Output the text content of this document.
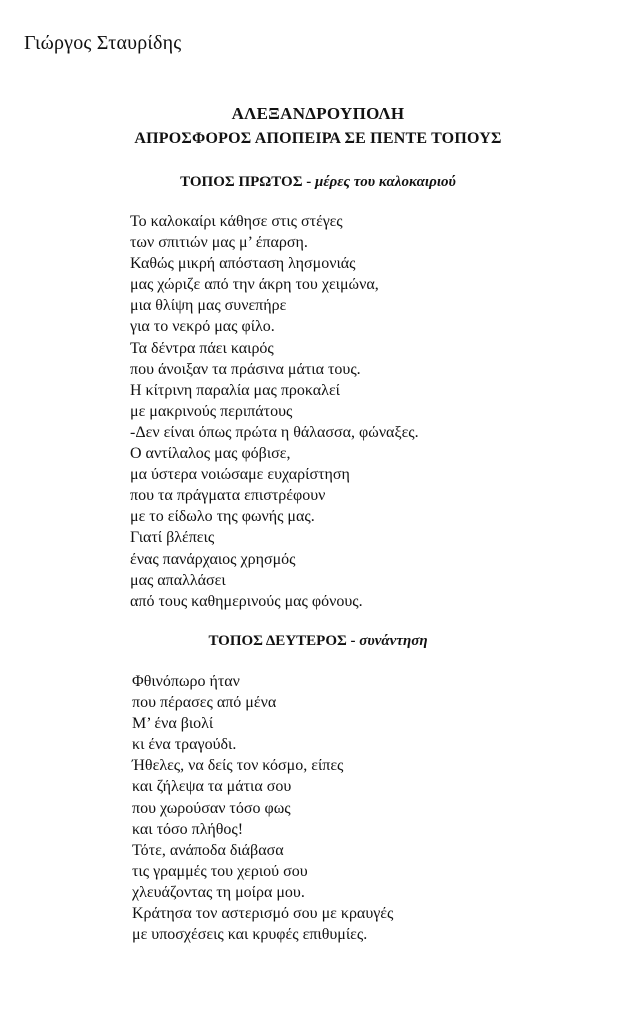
Γιώργος Σταυρίδης
ΑΛΕΞΑΝΔΡΟΥΠΟΛΗ
ΑΠΡΟΣΦΟΡΟΣ ΑΠΟΠΕΙΡΑ ΣΕ ΠΕΝΤΕ ΤΟΠΟΥΣ
ΤΟΠΟΣ ΠΡΩΤΟΣ - μέρες του καλοκαιριού
Το καλοκαίρι κάθησε στις στέγες
των σπιτιών μας μ’ έπαρση.
Καθώς μικρή απόσταση λησμονιάς
μας χώριζε από την άκρη του χειμώνα,
μια θλίψη μας συνεπήρε
για το νεκρό μας φίλο.
Τα δέντρα πάει καιρός
που άνοιξαν τα πράσινα μάτια τους.
Η κίτρινη παραλία μας προκαλεί
με μακρινούς περιπάτους
-Δεν είναι όπως πρώτα η θάλασσα, φώναξες.
Ο αντίλαλος μας φόβισε,
μα ύστερα νοιώσαμε ευχαρίστηση
που τα πράγματα επιστρέφουν
με το είδωλο της φωνής μας.
Γιατί βλέπεις
ένας πανάρχαιος χρησμός
μας απαλλάσει
από τους καθημερινούς μας φόνους.
ΤΟΠΟΣ ΔΕΥΤΕΡΟΣ - συνάντηση
Φθινόπωρο ήταν
που πέρασες από μένα
Μ’ ένα βιολί
κι ένα τραγούδι.
Ήθελες, να δείς τον κόσμο, είπες
και ζήλεψα τα μάτια σου
που χωρούσαν τόσο φως
και τόσο πλήθος!
Τότε, ανάποδα διάβασα
τις γραμμές του χεριού σου
χλευάζοντας τη μοίρα μου.
Κράτησα τον αστερισμό σου με κραυγές
με υποσχέσεις και κρυφές επιθυμίες.
